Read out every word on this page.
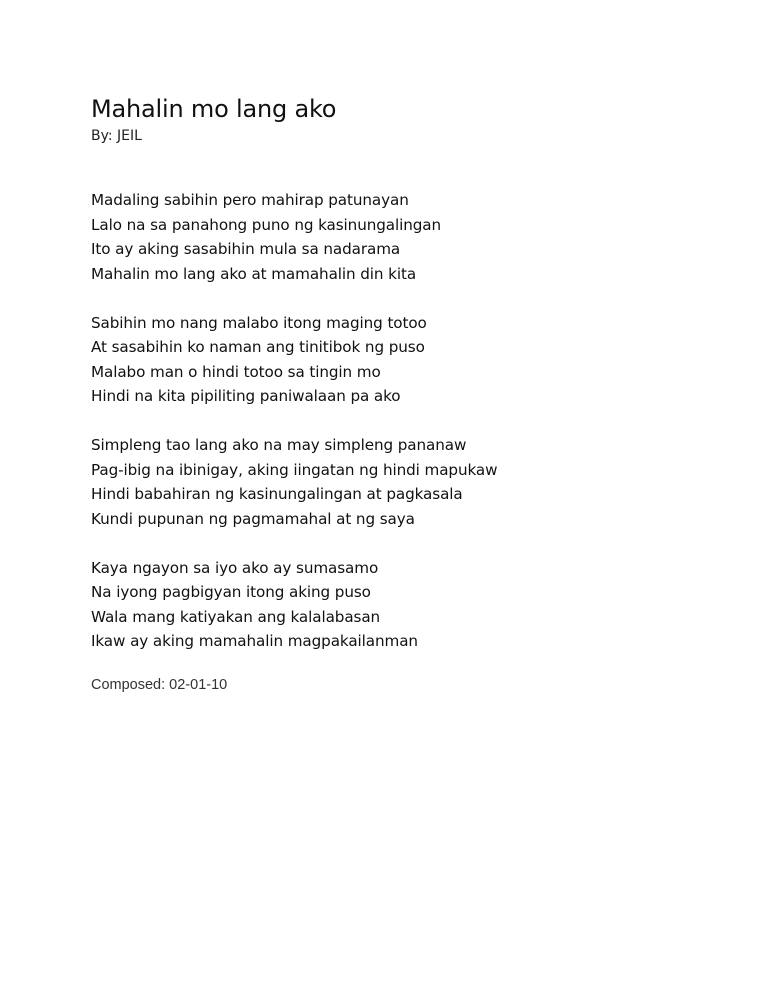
Mahalin mo lang ako
By: JEIL
Madaling sabihin pero mahirap patunayan
Lalo na sa panahong puno ng kasinungalingan
Ito ay aking sasabihin mula sa nadarama
Mahalin mo lang ako at mamahalin din kita
Sabihin mo nang malabo itong maging totoo
At sasabihin ko naman ang tinitibok ng puso
Malabo man o hindi totoo sa tingin mo
Hindi na kita pipiliting paniwalaan pa ako
Simpleng tao lang ako na may simpleng pananaw
Pag-ibig na ibinigay, aking iingatan ng hindi mapukaw
Hindi babahiran ng kasinungalingan at pagkasala
Kundi pupunan ng pagmamahal at ng saya
Kaya ngayon sa iyo ako ay sumasamo
Na iyong pagbigyan itong aking puso
Wala mang katiyakan ang kalalabasan
Ikaw ay aking mamahalin magpakailanman
Composed: 02-01-10
